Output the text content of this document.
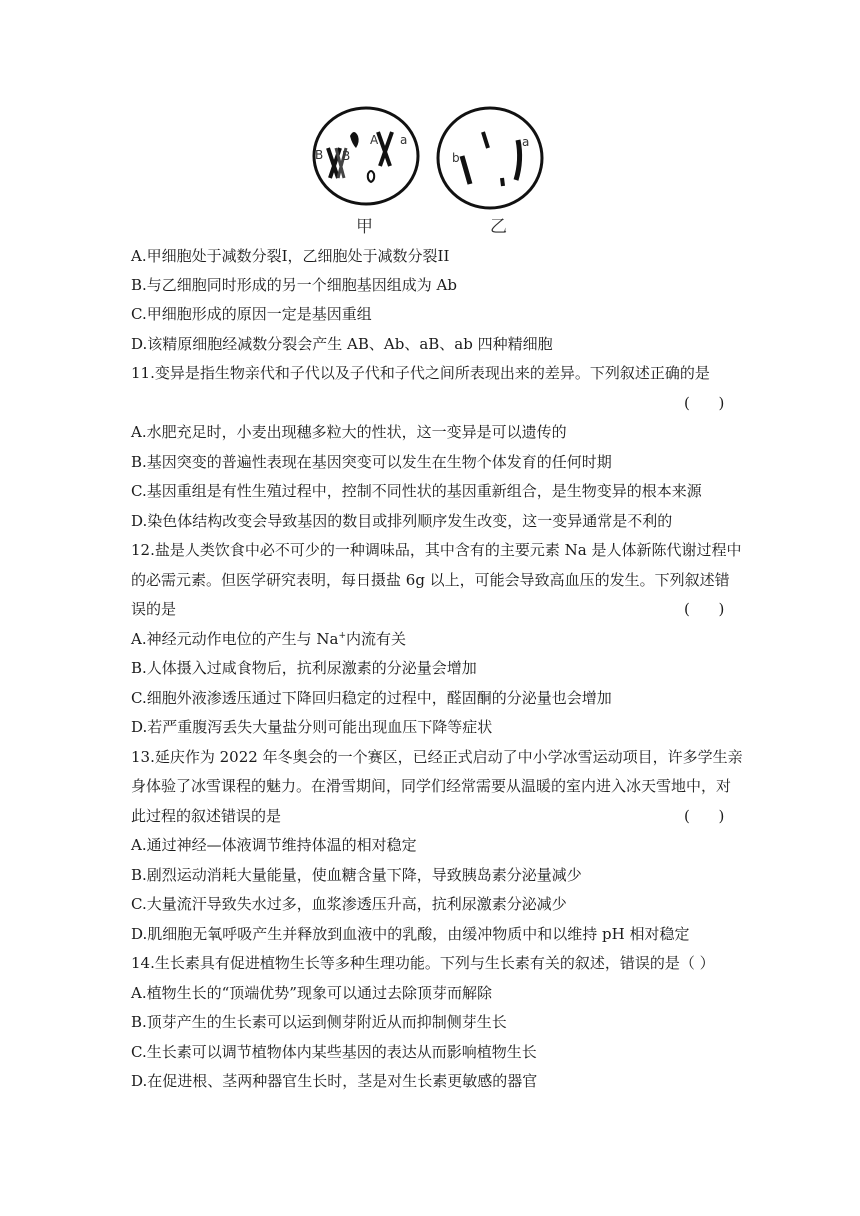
B B
A a
b
a
甲	乙
A.甲细胞处于减数分裂I，乙细胞处于减数分裂II
B.与乙细胞同时形成的另一个细胞基因组成为 Ab
C.甲细胞形成的原因一定是基因重组
D.该精原细胞经减数分裂会产生 AB、Ab、aB、ab 四种精细胞
11.变异是指生物亲代和子代以及子代和子代之间所表现出来的差异。下列叙述正确的是
(      )
A.水肥充足时，小麦出现穗多粒大的性状，这一变异是可以遗传的
B.基因突变的普遍性表现在基因突变可以发生在生物个体发育的任何时期
C.基因重组是有性生殖过程中，控制不同性状的基因重新组合，是生物变异的根本来源
D.染色体结构改变会导致基因的数目或排列顺序发生改变，这一变异通常是不利的
12.盐是人类饮食中必不可少的一种调味品，其中含有的主要元素 Na 是人体新陈代谢过程中
的必需元素。但医学研究表明，每日摄盐 6g 以上，可能会导致高血压的发生。下列叙述错
误的是	(      )
A.神经元动作电位的产生与 Na+内流有关
B.人体摄入过咸食物后，抗利尿激素的分泌量会增加
C.细胞外液渗透压通过下降回归稳定的过程中，醛固酮的分泌量也会增加
D.若严重腹泻丢失大量盐分则可能出现血压下降等症状
13.延庆作为 2022 年冬奥会的一个赛区，已经正式启动了中小学冰雪运动项目，许多学生亲
身体验了冰雪课程的魅力。在滑雪期间，同学们经常需要从温暖的室内进入冰天雪地中，对
此过程的叙述错误的是	(      )
A.通过神经—体液调节维持体温的相对稳定
B.剧烈运动消耗大量能量，使血糖含量下降，导致胰岛素分泌量减少
C.大量流汗导致失水过多，血浆渗透压升高，抗利尿激素分泌减少
D.肌细胞无氧呼吸产生并释放到血液中的乳酸，由缓冲物质中和以维持 pH 相对稳定
14.生长素具有促进植物生长等多种生理功能。下列与生长素有关的叙述，错误的是（ ）
A.植物生长的“顶端优势”现象可以通过去除顶芽而解除
B.顶芽产生的生长素可以运到侧芽附近从而抑制侧芽生长
C.生长素可以调节植物体内某些基因的表达从而影响植物生长
D.在促进根、茎两种器官生长时，茎是对生长素更敏感的器官
